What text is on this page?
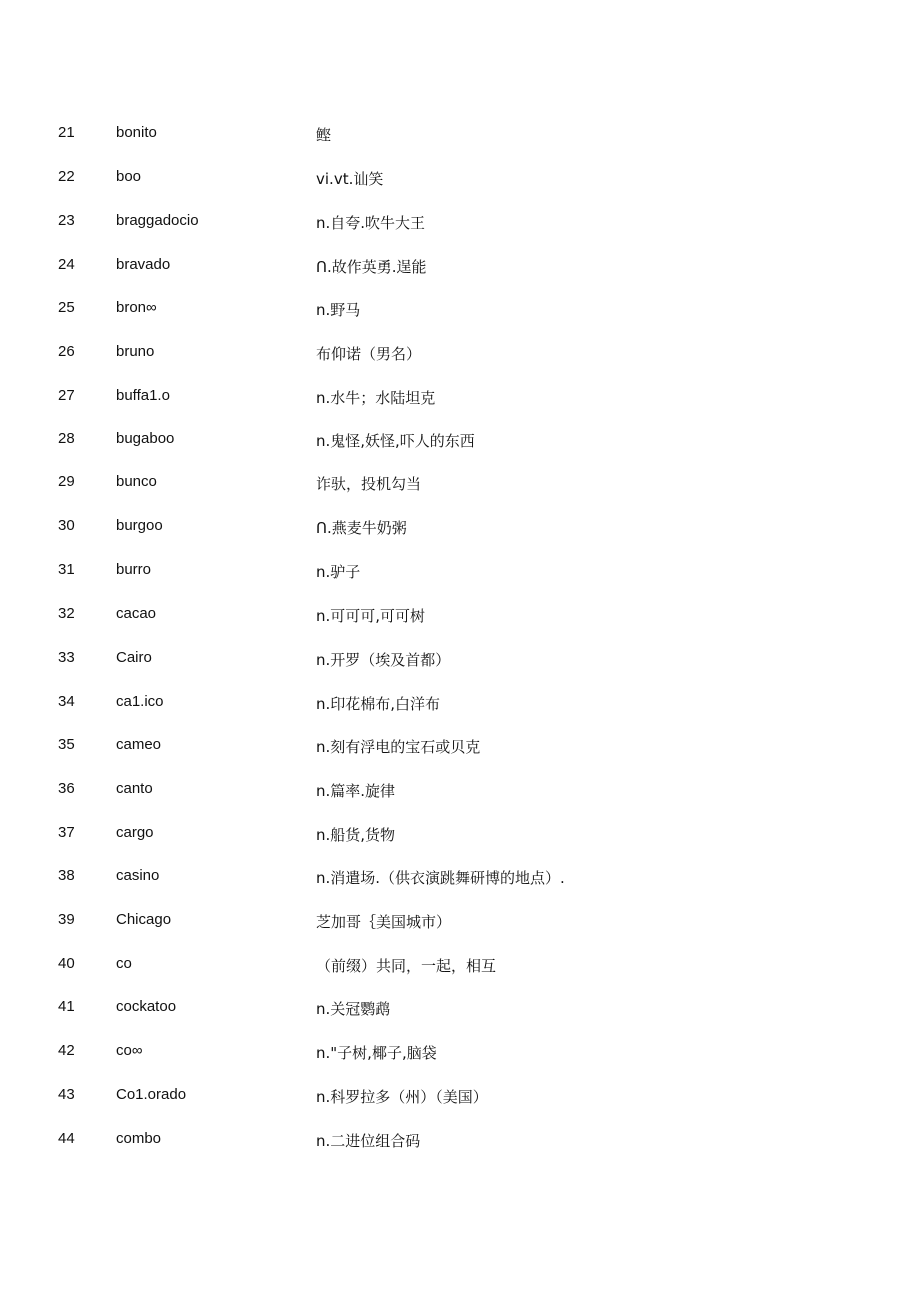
21	bonito	鲣
22	boo	vi.vt.讪笑
23	braggadocio	n.自夸.吹牛大王
24	bravado	Ո.故作英勇.逞能
25	bron∞	n.野马
26	bruno	布仰诺（男名）
27	buffa1.o	n.水牛；水陆坦克
28	bugaboo	n.鬼怪,妖怪,吓人的东西
29	bunco	诈驮，投机勾当
30	burgoo	Ո.燕麦牛奶粥
31	burro	n.驴子
32	cacao	n.可可可,可可树
33	Cairo	n.开罗（埃及首都）
34	ca1.ico	n.印花棉布,白洋布
35	cameo	n.刻有浮电的宝石或贝克
36	canto	n.篇率.旋律
37	cargo	n.船货,货物
38	casino	n.消遣场.（供衣演跳舞研博的地点）.
39	Chicago	芝加哥｛美国城市）
40	co	（前缀）共同，一起，相互
41	cockatoo	n.关冠鹦鹉
42	co∞	n."子树,椰子,脑袋
43	Co1.orado	n.科罗拉多（州）（美国）
44	combo	n.二进位组合码
